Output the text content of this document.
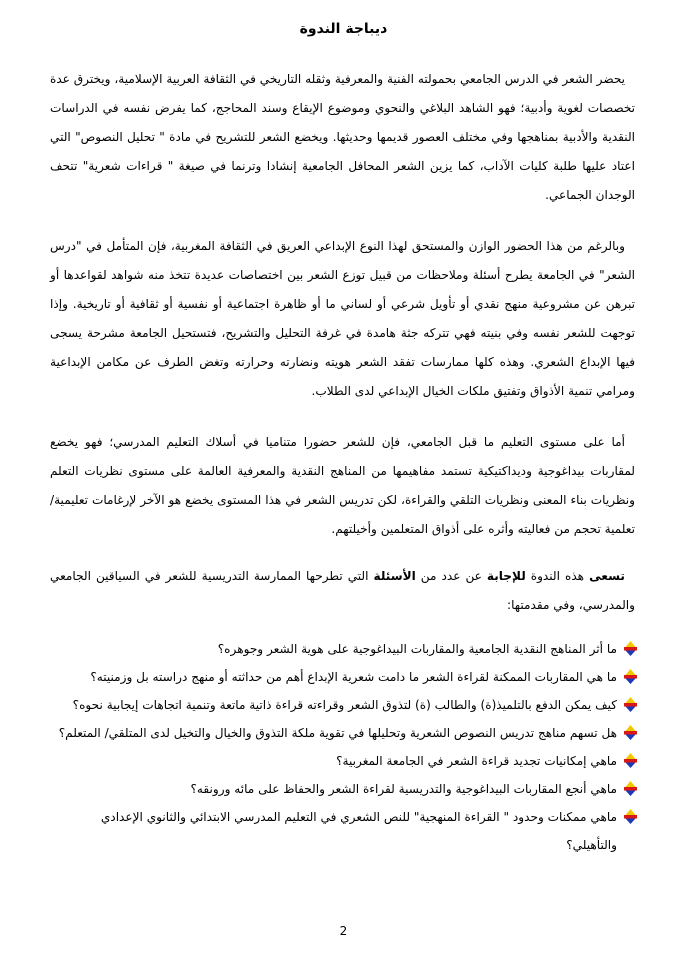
ديباجة الندوة

يحضر الشعر في الدرس الجامعي بحمولته الفنية والمعرفية وثقله التاريخي في الثقافة العربية الإسلامية، ويخترق عدة تخصصات لغوية وأدبية؛ فهو الشاهد البلاغي والنحوي وموضوع الإيقاع وسند المحاجج، كما يفرض نفسه في الدراسات النقدية والأدبية بمناهجها وفي مختلف العصور قديمها وحديثها. ويخضع الشعر للتشريح في مادة " تحليل النصوص" التي اعتاد عليها طلبة كليات الآداب، كما يزين الشعر المحافل الجامعية إنشادا وترنما في صيغة " قراءات شعرية" تتحف الوجدان الجماعي.

وبالرغم من هذا الحضور الوازن والمستحق لهذا النوع الإبداعي العريق في الثقافة المغربية، فإن المتأمل في "درس الشعر" في الجامعة يطرح أسئلة وملاحظات من قبيل توزع الشعر بين اختصاصات عديدة تتخذ منه شواهد لقواعدها أو تبرهن عن مشروعية منهج نقدي أو تأويل شرعي أو لساني ما أو ظاهرة اجتماعية أو نفسية أو ثقافية أو تاريخية. وإذا توجهت للشعر نفسه وفي بنيته فهي تتركه جثة هامدة في غرفة التحليل والتشريح، فتستحيل الجامعة مشرحة يسجى فيها الإبداع الشعري. وهذه كلها ممارسات تفقد الشعر هويته ونضارته وحرارته وتغض الطرف عن مكامن الإبداعية ومرامي تنمية الأذواق وتفتيق ملكات الخيال الإبداعي لدى الطلاب.

أما على مستوى التعليم ما قبل الجامعي، فإن للشعر حضورا متناميا في أسلاك التعليم المدرسي؛ فهو يخضع لمقاربات بيداغوجية وديداكتيكية تستمد مفاهيمها من المناهج النقدية والمعرفية العالمة على مستوى نظريات التعلم ونظريات بناء المعنى ونظريات التلقي والقراءة، لكن تدريس الشعر في هذا المستوى يخضع هو الآخر لإرغامات تعليمية/ تعلمية تحجم من فعاليته وأثره على أذواق المتعلمين وأخيلتهم.

تسعى هذه الندوة للإجابة عن عدد من الأسئلة التي تطرحها الممارسة التدريسية للشعر في السياقين الجامعي والمدرسي، وفي مقدمتها:

ما أثر المناهج النقدية الجامعية والمقاربات البيداغوجية على هوية الشعر وجوهره؟
ما هي المقاربات الممكنة لقراءة الشعر ما دامت شعرية الإبداع أهم من حداثته أو منهج دراسته بل وزمنيته؟
كيف يمكن الدفع بالتلميذ(ة) والطالب (ة) لتذوق الشعر وقراءته قراءة ذاتية ماتعة وتنمية اتجاهات إيجابية نحوه؟
هل تسهم مناهج تدريس النصوص الشعرية وتحليلها في تقوية ملكة التذوق والخيال والتخيل لدى المتلقي/ المتعلم؟
ماهي إمكانيات تجديد قراءة الشعر في الجامعة المغربية؟
ماهي أنجع المقاربات البيداغوجية والتدريسية لقراءة الشعر والحفاظ على مائه ورونقه؟
ماهي ممكنات وحدود " القراءة المنهجية" للنص الشعري في التعليم المدرسي الابتدائي والثانوي الإعدادي والتأهيلي؟
2
